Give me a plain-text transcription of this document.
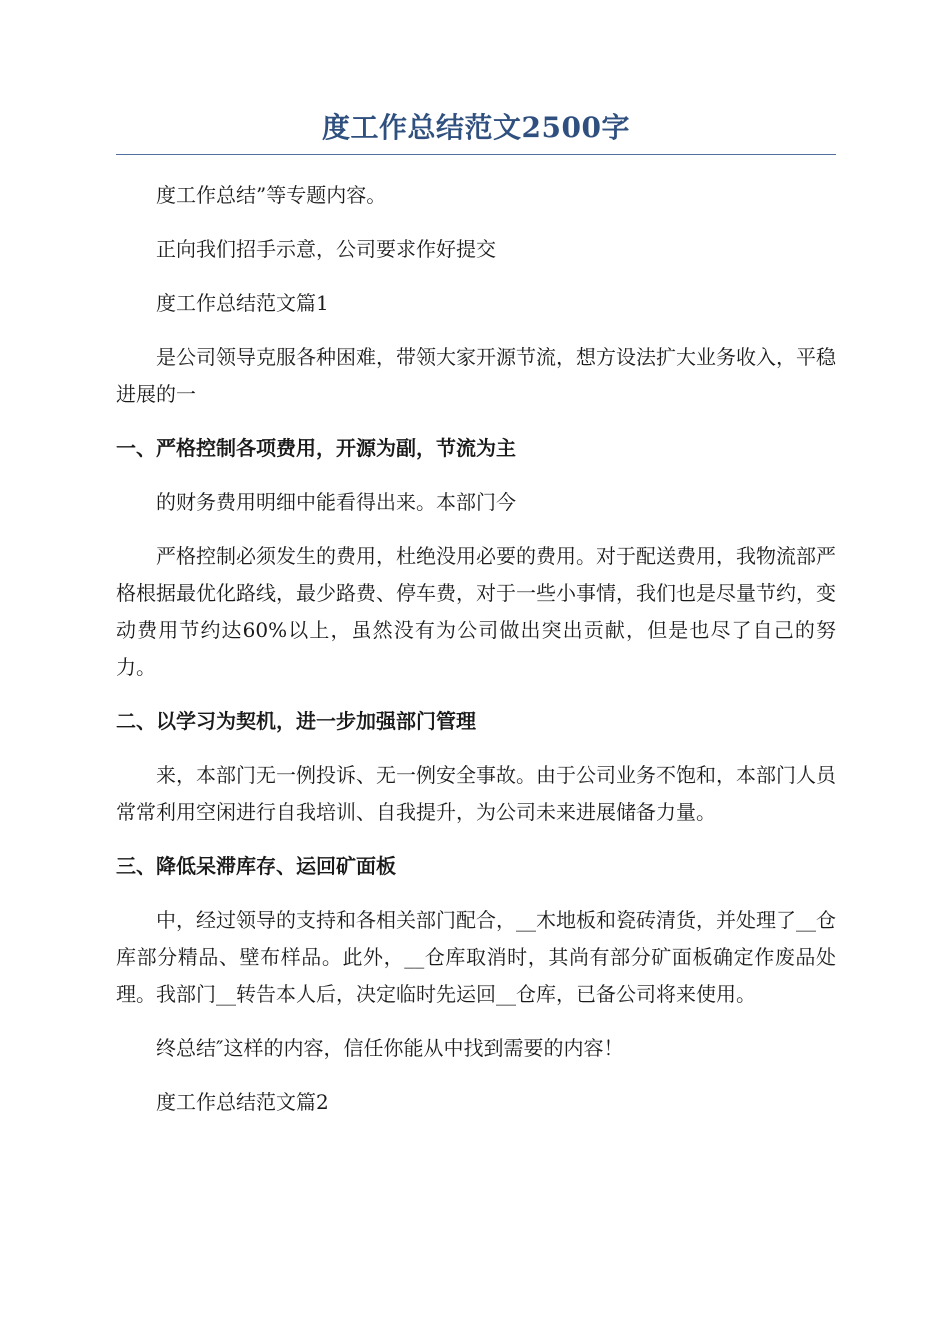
度工作总结范文2500字

度工作总结”等专题内容。

正向我们招手示意，公司要求作好提交

度工作总结范文篇1

是公司领导克服各种困难，带领大家开源节流，想方设法扩大业务收入，平稳进展的一

一、严格控制各项费用，开源为副，节流为主

的财务费用明细中能看得出来。本部门今

严格控制必须发生的费用，杜绝没用必要的费用。对于配送费用，我物流部严格根据最优化路线，最少路费、停车费，对于一些小事情，我们也是尽量节约，变动费用节约达60%以上，虽然没有为公司做出突出贡献，但是也尽了自己的努力。

二、以学习为契机，进一步加强部门管理

来，本部门无一例投诉、无一例安全事故。由于公司业务不饱和，本部门人员常常利用空闲进行自我培训、自我提升，为公司未来进展储备力量。

三、降低呆滞库存、运回矿面板

中，经过领导的支持和各相关部门配合，__木地板和瓷砖清货，并处理了__仓库部分精品、壁布样品。此外，__仓库取消时，其尚有部分矿面板确定作废品处理。我部门__转告本人后，决定临时先运回__仓库，已备公司将来使用。

终总结″这样的内容，信任你能从中找到需要的内容！

度工作总结范文篇2
